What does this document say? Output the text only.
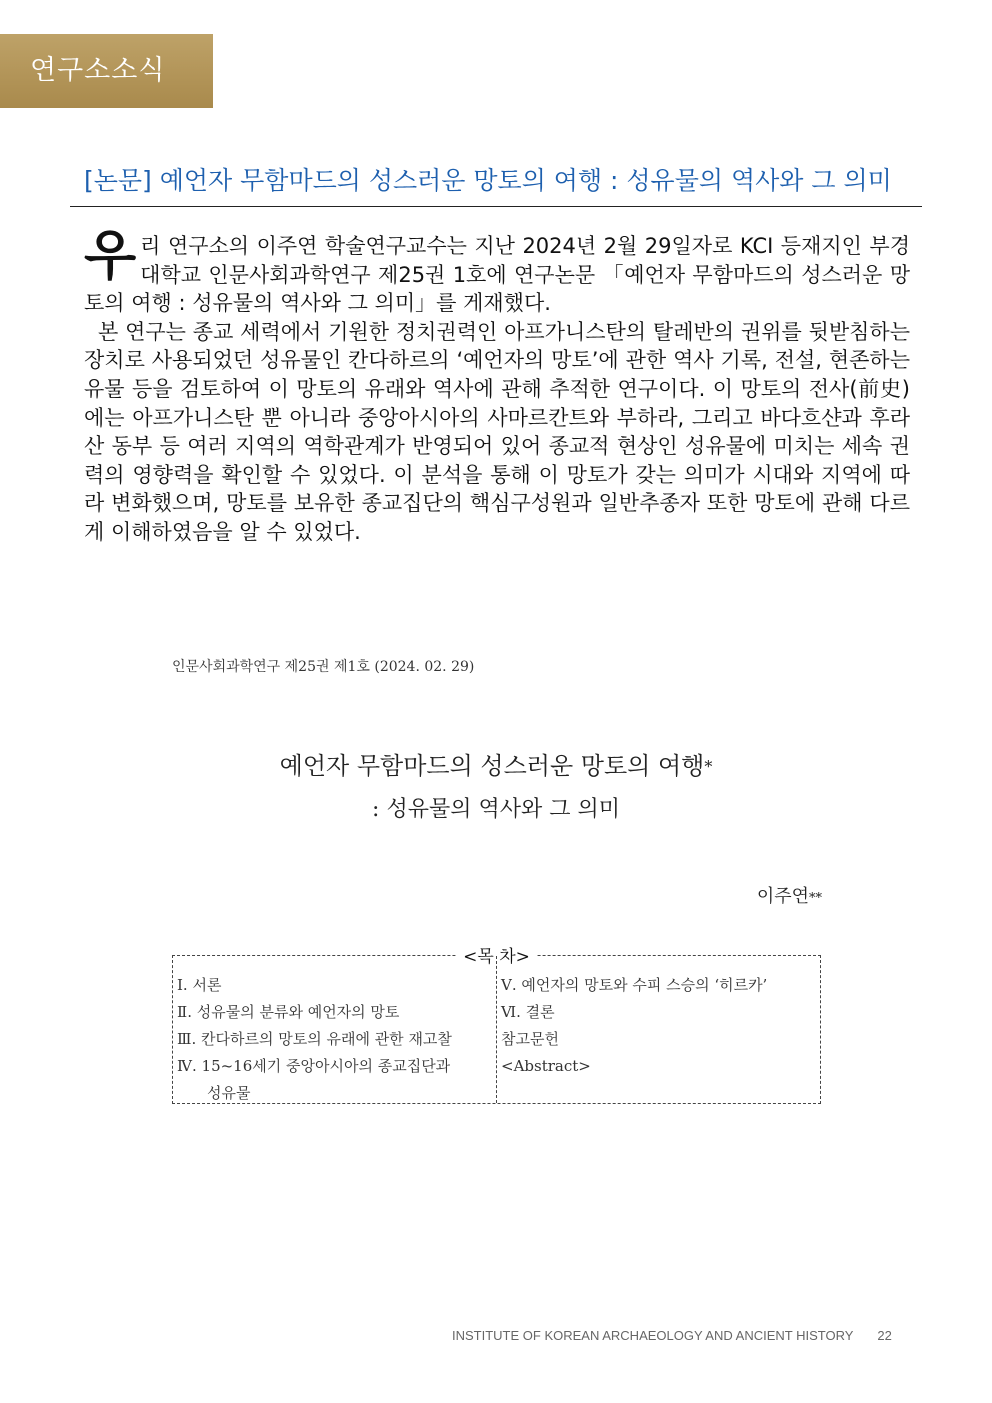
연구소소식
[논문] 예언자 무함마드의 성스러운 망토의 여행 : 성유물의 역사와 그 의미

우리 연구소의 이주연 학술연구교수는 지난 2024년 2월 29일자로 KCI 등재지인 부경대학교 인문사회과학연구 제25권 1호에 연구논문 「예언자 무함마드의 성스러운 망토의 여행 : 성유물의 역사와 그 의미」를 게재했다.

본 연구는 종교 세력에서 기원한 정치권력인 아프가니스탄의 탈레반의 권위를 뒷받침하는 장치로 사용되었던 성유물인 칸다하르의 ‘예언자의 망토’에 관한 역사 기록, 전설, 현존하는 유물 등을 검토하여 이 망토의 유래와 역사에 관해 추적한 연구이다. 이 망토의 전사(前史)에는 아프가니스탄 뿐 아니라 중앙아시아의 사마르칸트와 부하라, 그리고 바다흐샨과 후라산 동부 등 여러 지역의 역학관계가 반영되어 있어 종교적 현상인 성유물에 미치는 세속 권력의 영향력을 확인할 수 있었다. 이 분석을 통해 이 망토가 갖는 의미가 시대와 지역에 따라 변화했으며, 망토를 보유한 종교집단의 핵심구성원과 일반추종자 또한 망토에 관해 다르게 이해하였음을 알 수 있었다.

인문사회과학연구 제25권 제1호 (2024. 02. 29)
예언자 무함마드의 성스러운 망토의 여행*
: 성유물의 역사와 그 의미
이주연**
<목 차>
Ⅰ. 서론
Ⅱ. 성유물의 분류와 예언자의 망토
Ⅲ. 칸다하르의 망토의 유래에 관한 재고찰
Ⅳ. 15~16세기 중앙아시아의 종교집단과
성유물
Ⅴ. 예언자의 망토와 수피 스승의 ‘히르카’
Ⅵ. 결론
참고문헌
<Abstract>
INSTITUTE OF KOREAN ARCHAEOLOGY AND ANCIENT HISTORY 22
